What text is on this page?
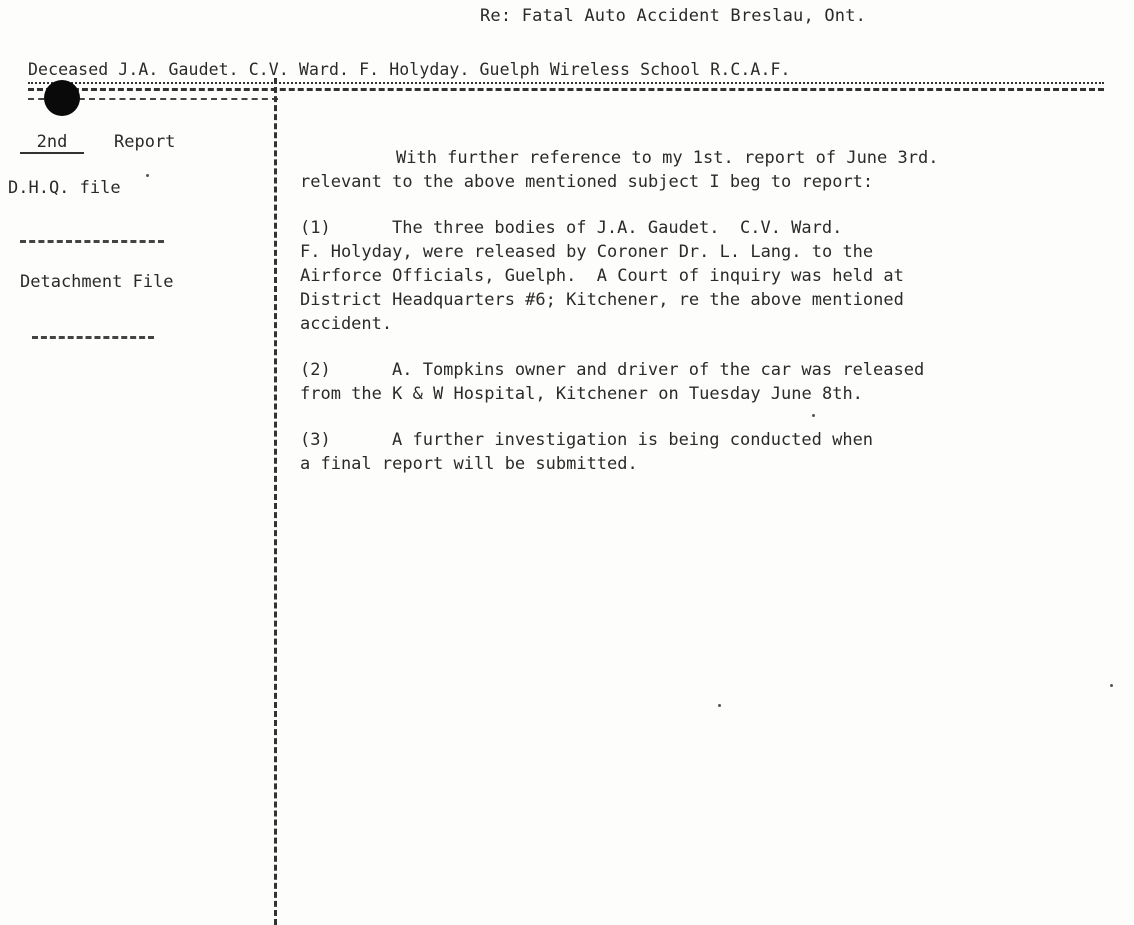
Re: Fatal Auto Accident Breslau, Ont.
Deceased J.A. Gaudet. C.V. Ward. F. Holyday. Guelph Wireless School R.C.A.F.
2nd	Report
D.H.Q. file
Detachment File

With further reference to my 1st. report of June 3rd. relevant to the above mentioned subject I beg to report:

(1)	The three bodies of J.A. Gaudet.  C.V. Ward.
F. Holyday, were released by Coroner Dr. L. Lang. to the
Airforce Officials, Guelph.  A Court of inquiry was held at
District Headquarters #6; Kitchener, re the above mentioned
accident.
(2)	A. Tompkins owner and driver of the car was released
from the K & W Hospital, Kitchener on Tuesday June 8th.
(3)	A further investigation is being conducted when
a final report will be submitted.
